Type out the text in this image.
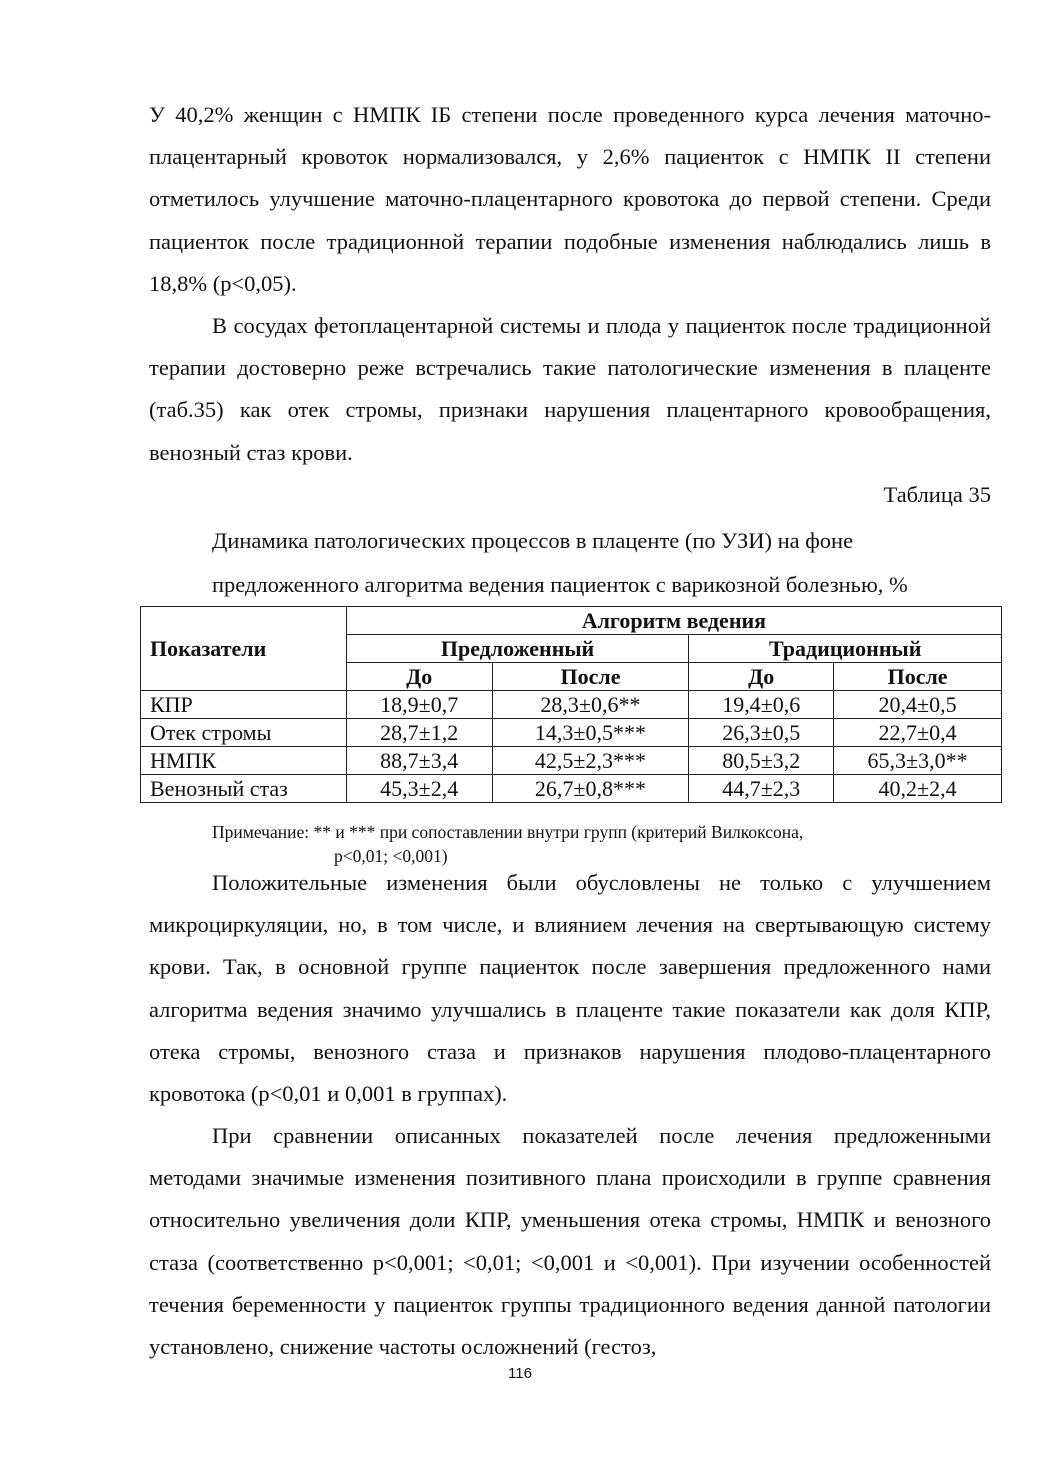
У 40,2% женщин с НМПК IБ степени после проведенного курса лечения маточно-плацентарный кровоток нормализовался, у 2,6% пациенток с НМПК II степени отметилось улучшение маточно-плацентарного кровотока до первой степени. Среди пациенток после традиционной терапии подобные изменения наблюдались лишь в 18,8% (p<0,05).

В сосудах фетоплацентарной системы и плода у пациенток после традиционной терапии достоверно реже встречались такие патологические изменения в плаценте (таб.35) как отек стромы, признаки нарушения плацентарного кровообращения, венозный стаз крови.

Таблица 35

Динамика патологических процессов в плаценте (по УЗИ) на фоне предложенного алгоритма ведения пациенток с варикозной болезнью, %

Показатели	Алгоритм ведения			
	Предложенный		Традиционный	
	До	После	До	После
КПР	18,9±0,7	28,3±0,6**	19,4±0,6	20,4±0,5
Отек стромы	28,7±1,2	14,3±0,5***	26,3±0,5	22,7±0,4
НМПК	88,7±3,4	42,5±2,3***	80,5±3,2	65,3±3,0**
Венозный стаз	45,3±2,4	26,7±0,8***	44,7±2,3	40,2±2,4

Примечание: ** и *** при сопоставлении внутри групп (критерий Вилкоксона,
p<0,01; <0,001)

Положительные изменения были обусловлены не только с улучшением микроциркуляции, но, в том числе, и влиянием лечения на свертывающую систему крови. Так, в основной группе пациенток после завершения предложенного нами алгоритма ведения значимо улучшались в плаценте такие показатели как доля КПР, отека стромы, венозного стаза и признаков нарушения плодово-плацентарного кровотока (p<0,01 и 0,001 в группах).

При сравнении описанных показателей после лечения предложенными методами значимые изменения позитивного плана происходили в группе сравнения относительно увеличения доли КПР, уменьшения отека стромы, НМПК и венозного стаза (соответственно p<0,001; <0,01; <0,001 и <0,001). При изучении особенностей течения беременности у пациенток группы традиционного ведения данной патологии установлено, снижение частоты осложнений (гестоз,

116
